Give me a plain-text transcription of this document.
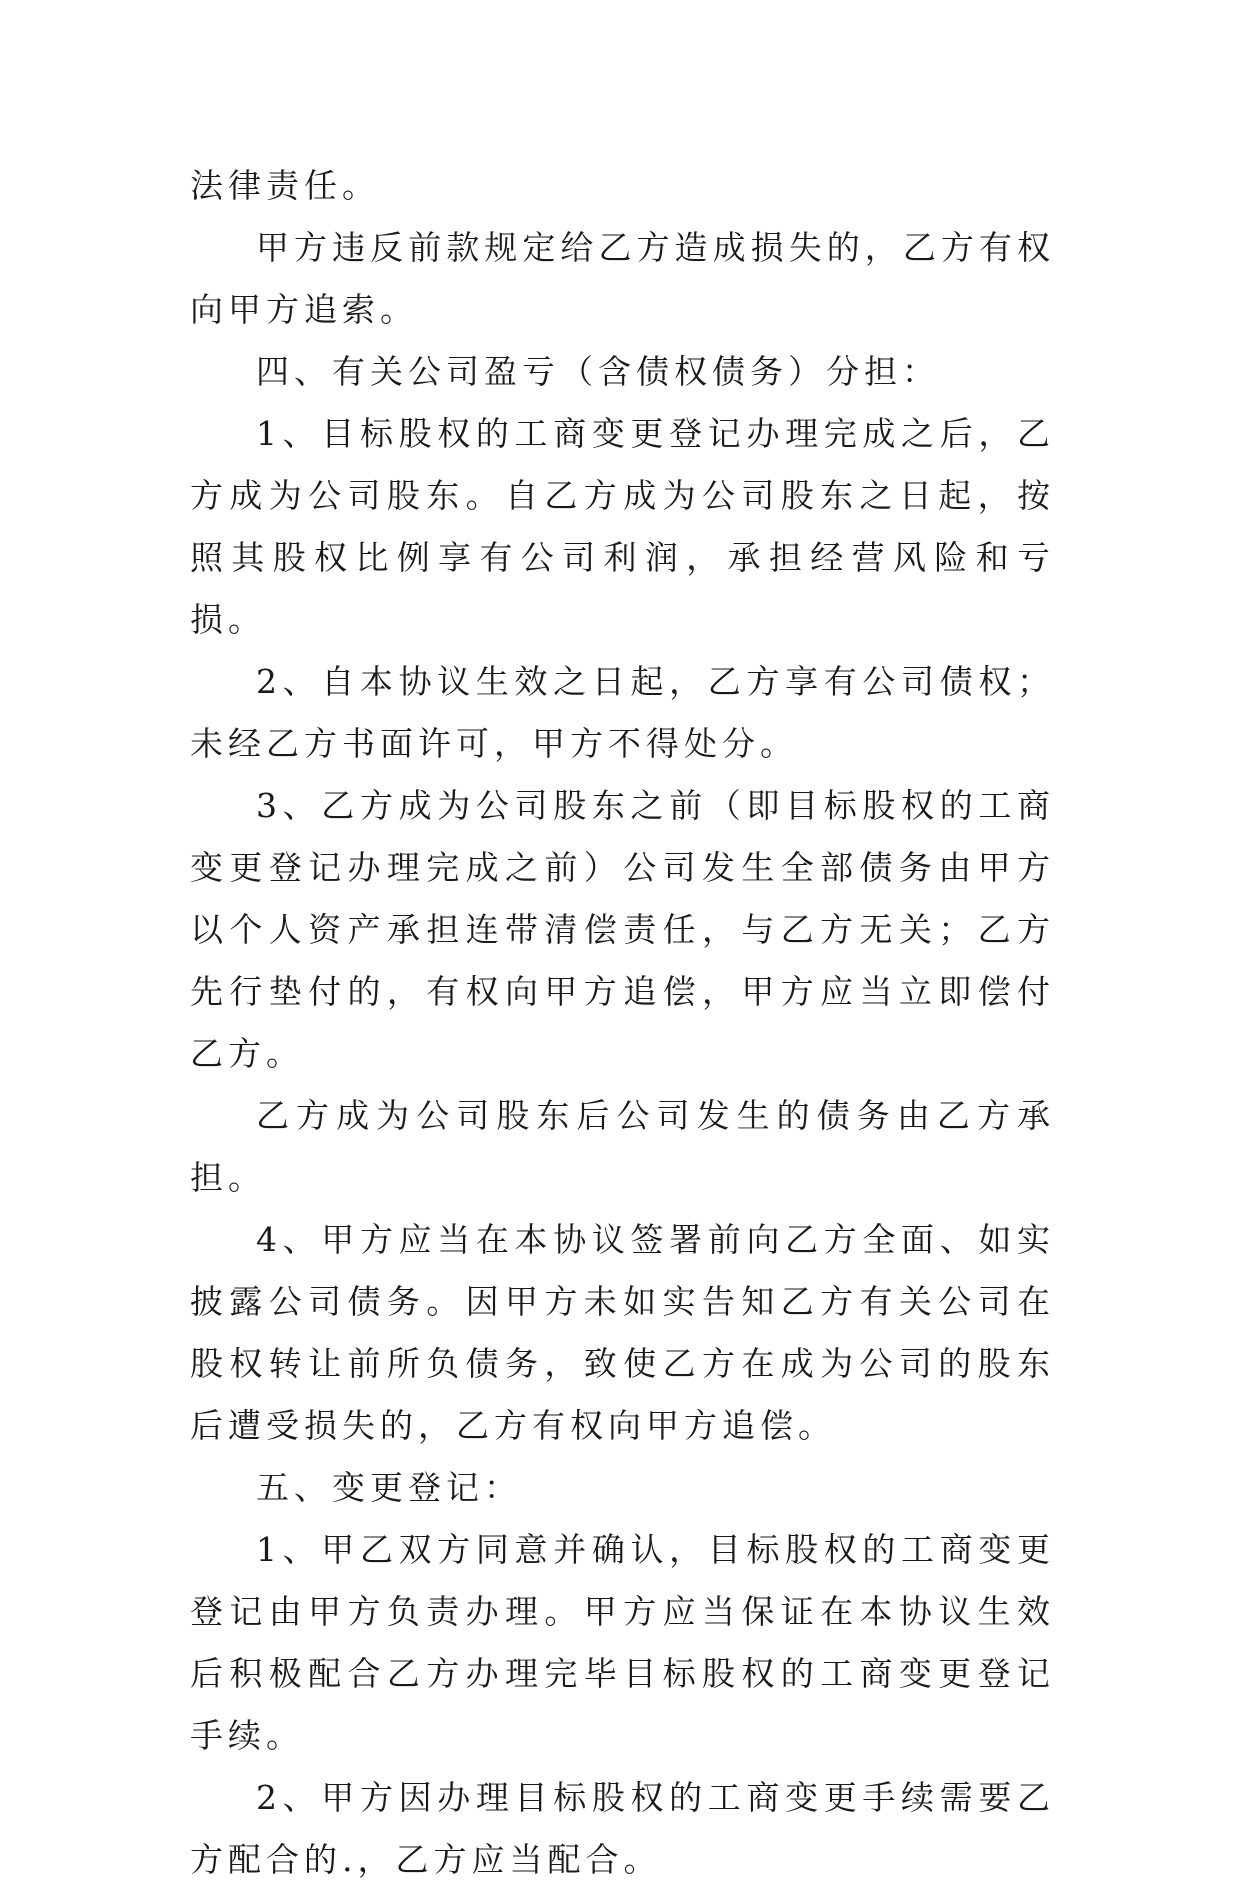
法律责任。

甲方违反前款规定给乙方造成损失的，乙方有权向甲方追索。

四、有关公司盈亏（含债权债务）分担：

1、目标股权的工商变更登记办理完成之后，乙方成为公司股东。自乙方成为公司股东之日起，按照其股权比例享有公司利润，承担经营风险和亏损。

2、自本协议生效之日起，乙方享有公司债权；未经乙方书面许可，甲方不得处分。

3、乙方成为公司股东之前（即目标股权的工商变更登记办理完成之前）公司发生全部债务由甲方以个人资产承担连带清偿责任，与乙方无关；乙方先行垫付的，有权向甲方追偿，甲方应当立即偿付乙方。

乙方成为公司股东后公司发生的债务由乙方承担。

4、甲方应当在本协议签署前向乙方全面、如实披露公司债务。因甲方未如实告知乙方有关公司在股权转让前所负债务，致使乙方在成为公司的股东后遭受损失的，乙方有权向甲方追偿。

五、变更登记：

1、甲乙双方同意并确认，目标股权的工商变更登记由甲方负责办理。甲方应当保证在本协议生效后积极配合乙方办理完毕目标股权的工商变更登记手续。

2、甲方因办理目标股权的工商变更手续需要乙方配合的.，乙方应当配合。
